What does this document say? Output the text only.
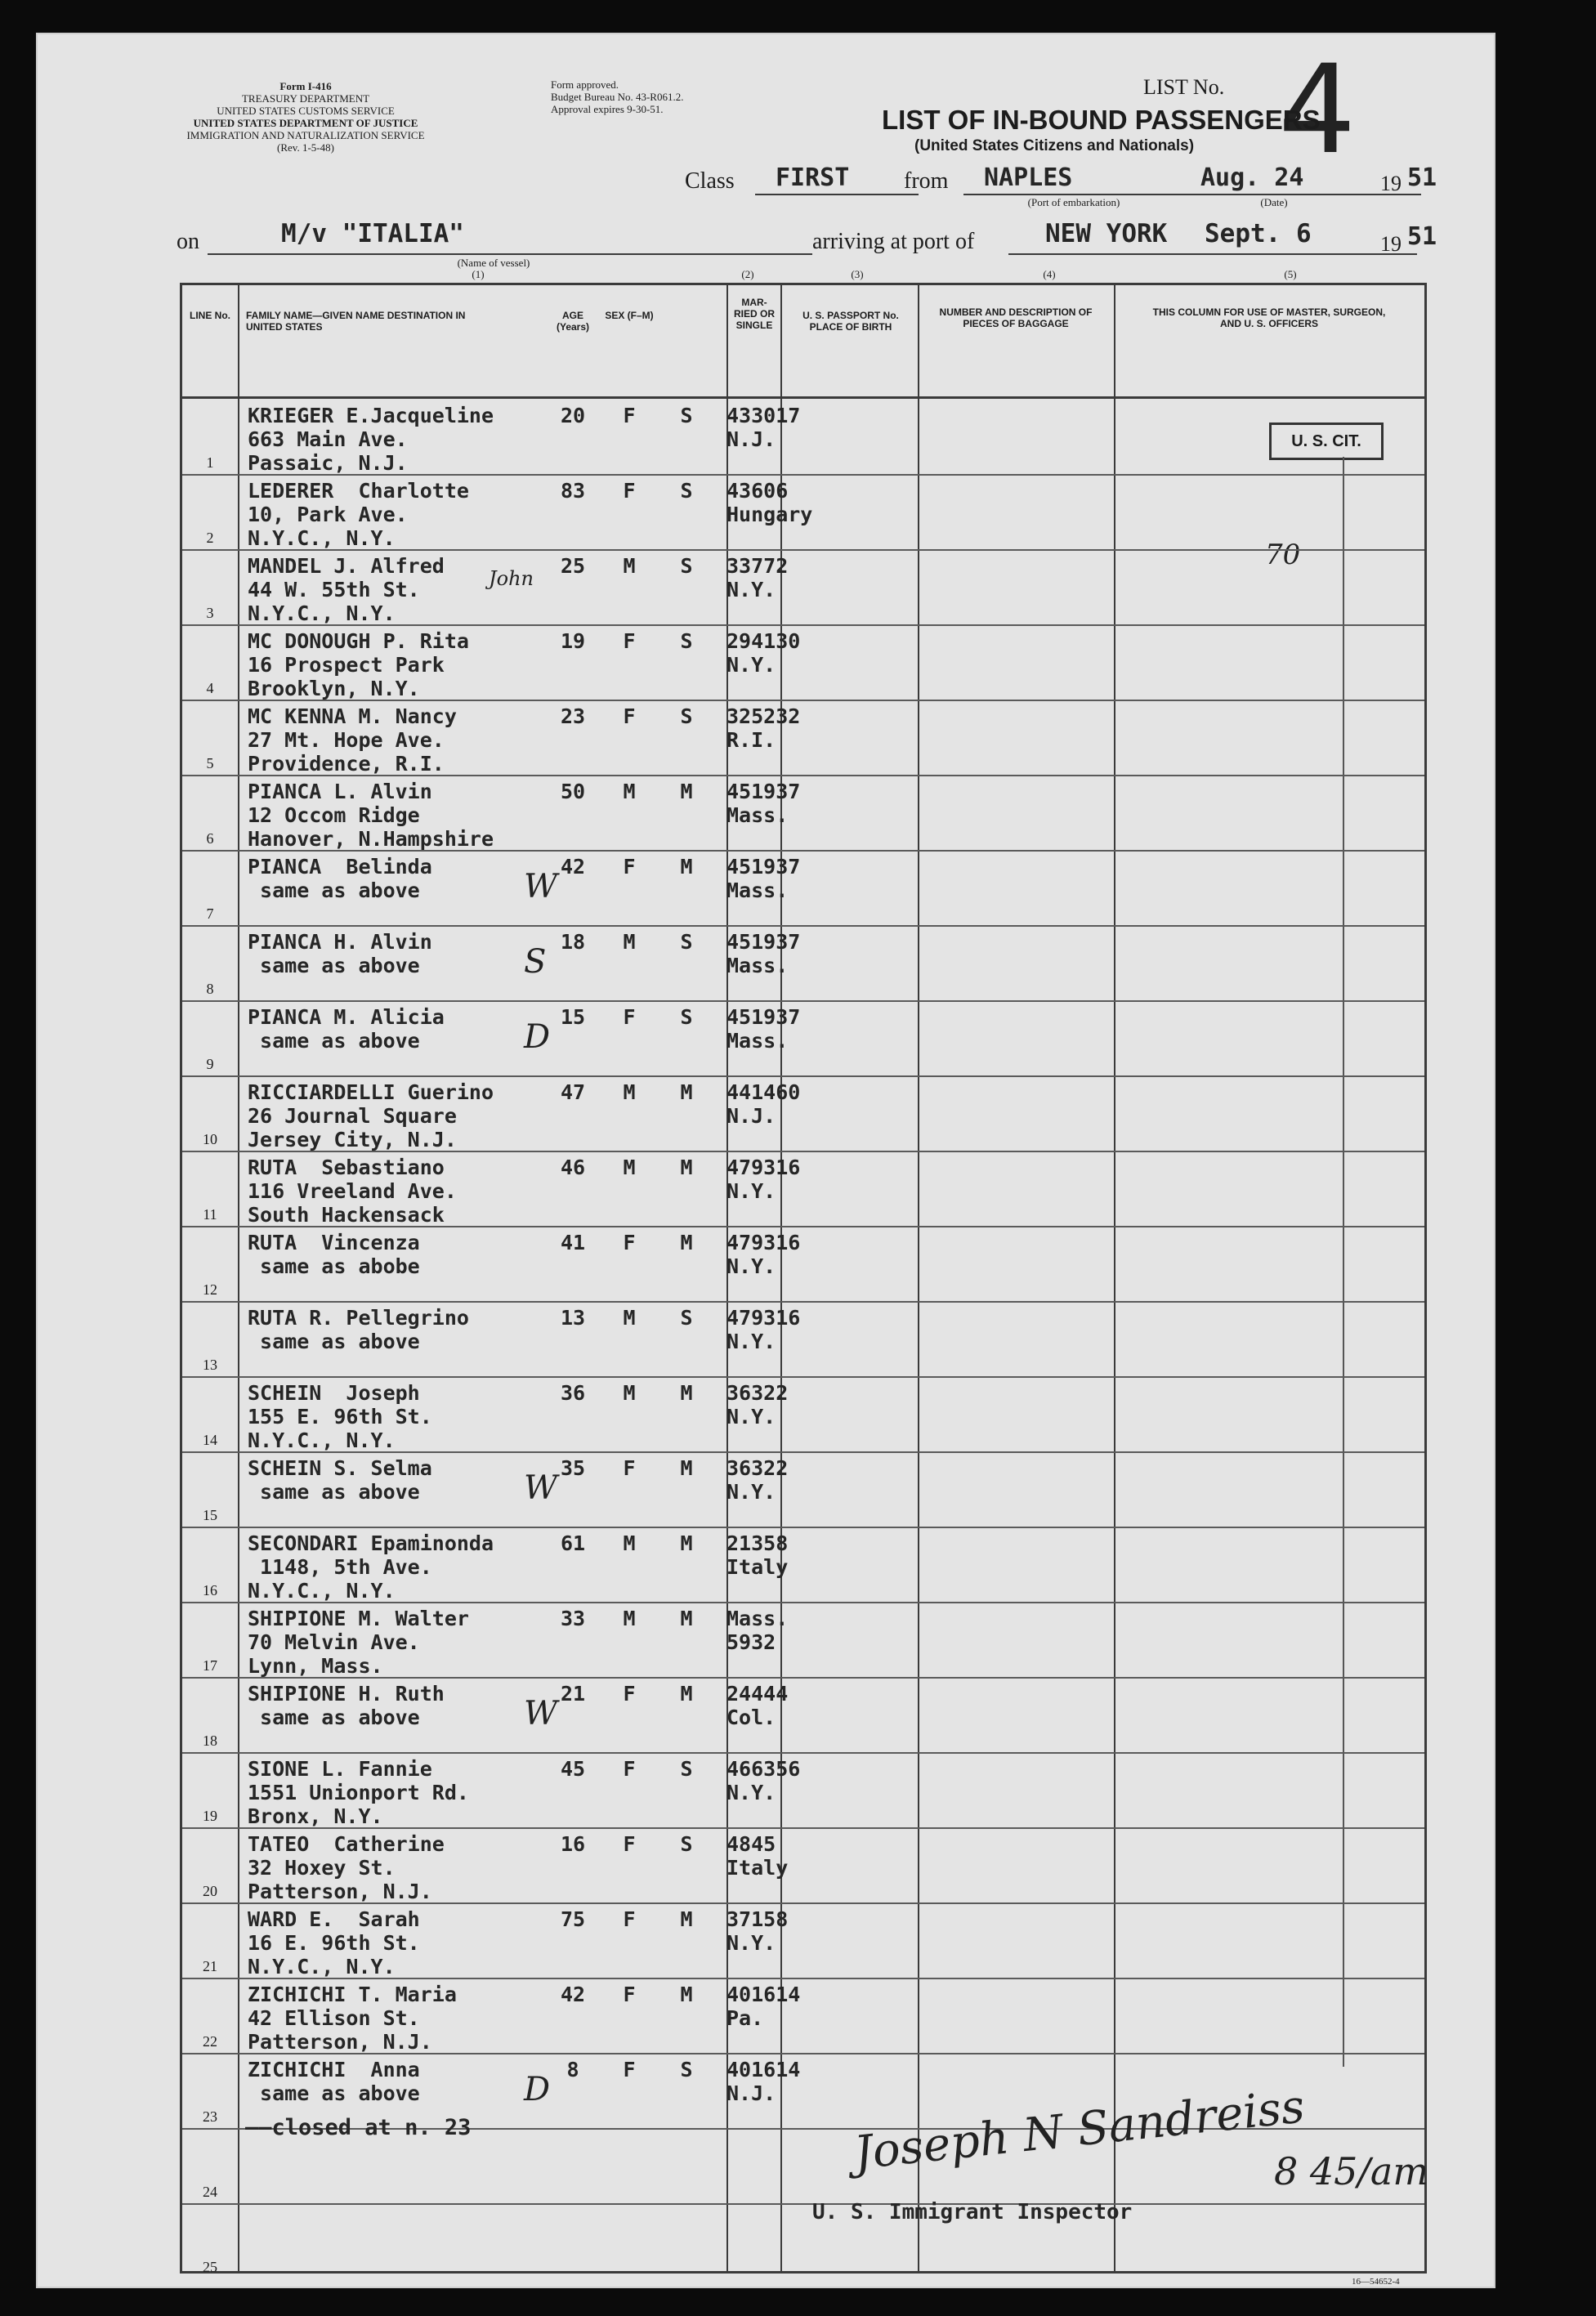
Form I-416
TREASURY DEPARTMENT
UNITED STATES CUSTOMS SERVICE
UNITED STATES DEPARTMENT OF JUSTICE
IMMIGRATION AND NATURALIZATION SERVICE
(Rev. 1-5-48)
Form approved.
Budget Bureau No. 43-R061.2.
Approval expires 9-30-51.
LIST No. 4
LIST OF IN-BOUND PASSENGERS
(United States Citizens and Nationals)
Class FIRST from NAPLES
(Port of embarkation)
Aug. 24
(Date)
19 51
on	M/v "ITALIA"
(Name of vessel)
arriving at port of	NEW YORK Sept. 6	19 51
(1)	(2)	(3)	(4)	(5)
LINE No.	FAMILY NAME—GIVEN NAME DESTINATION IN UNITED STATES
AGE (Years)
SEX (F–M)
MAR- RIED OR SINGLE
U. S. PASSPORT No. PLACE OF BIRTH
NUMBER AND DESCRIPTION OF PIECES OF BAGGAGE
THIS COLUMN FOR USE OF MASTER, SURGEON, AND U. S. OFFICERS
U. S. CIT.
70
1
KRIEGER E.Jacqueline
663 Main Ave.
Passaic, N.J.
20	F	S	433017
N.J.
2
LEDERER  Charlotte
10, Park Ave.
N.Y.C., N.Y.
83	F	S	43606
Hungary
3
MANDEL J. Alfred
44 W. 55th St.
N.Y.C., N.Y.
25	M	S	33772
N.Y.
John
4
MC DONOUGH P. Rita
16 Prospect Park
Brooklyn, N.Y.
19	F	S	294130
N.Y.
5
MC KENNA M. Nancy
27 Mt. Hope Ave.
Providence, R.I.
23	F	S	325232
R.I.
6
PIANCA L. Alvin
12 Occom Ridge
Hanover, N.Hampshire
50	M	M	451937
Mass.
7
PIANCA  Belinda
same as above
42	F	M	451937
Mass.
W
8
PIANCA H. Alvin
same as above
18	M	S	451937
Mass.
S
9
PIANCA M. Alicia
same as above
15	F	S	451937
Mass.
D
10
RICCIARDELLI Guerino
26 Journal Square
Jersey City, N.J.
47	M	M	441460
N.J.
11
RUTA  Sebastiano
116 Vreeland Ave.
South Hackensack
46	M	M	479316
N.Y.
12
RUTA  Vincenza
same as abobe
41	F	M	479316
N.Y.
13
RUTA R. Pellegrino
same as above
13	M	S	479316
N.Y.
14
SCHEIN  Joseph
155 E. 96th St.
N.Y.C., N.Y.
36	M	M	36322
N.Y.
15
SCHEIN S. Selma
same as above
35	F	M	36322
N.Y.
W
16
SECONDARI Epaminonda
1148, 5th Ave.
N.Y.C., N.Y.
61	M	M	21358
Italy
17
SHIPIONE M. Walter
70 Melvin Ave.
Lynn, Mass.
33	M	M	Mass.
5932
18
SHIPIONE H. Ruth
same as above
21	F	M	24444
Col.
W
19
SIONE L. Fannie
1551 Unionport Rd.
Bronx, N.Y.
45	F	S	466356
N.Y.
20
TATEO  Catherine
32 Hoxey St.
Patterson, N.J.
16	F	S	4845
Italy
21
WARD E.  Sarah
16 E. 96th St.
N.Y.C., N.Y.
75	F	M	37158
N.Y.
22
ZICHICHI T. Maria
42 Ellison St.
Patterson, N.J.
42	F	M	401614
Pa.
23
ZICHICHI  Anna
same as above
8	F	S	401614
N.J.
D
24
25
——closed at n. 23	Joseph N Sandreiss
U. S. Immigrant Inspector
8 45/am
16—54652-4
